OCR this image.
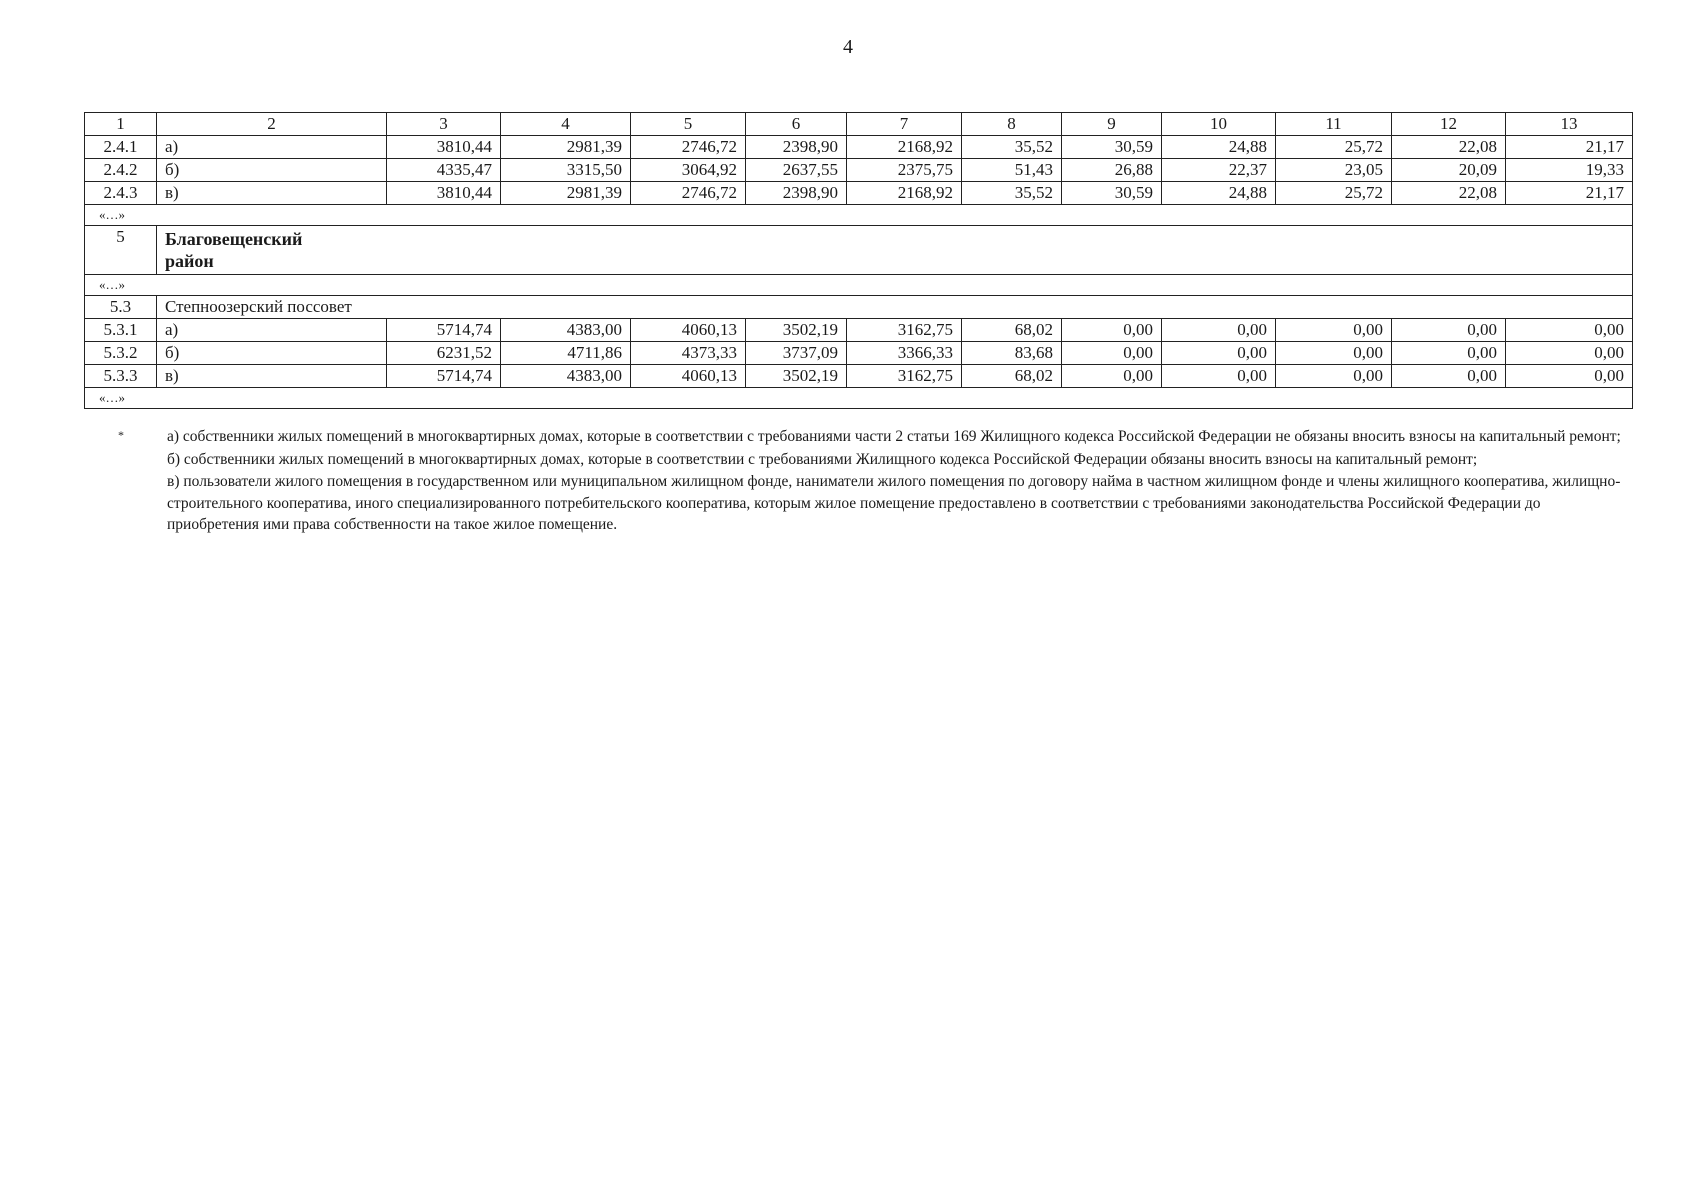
4
1	2	3	4	5	6	7	8	9	10	11	12	13
2.4.1	а)	3810,44	2981,39	2746,72	2398,90	2168,92	35,52	30,59	24,88	25,72	22,08	21,17
2.4.2	б)	4335,47	3315,50	3064,92	2637,55	2375,75	51,43	26,88	22,37	23,05	20,09	19,33
2.4.3	в)	3810,44	2981,39	2746,72	2398,90	2168,92	35,52	30,59	24,88	25,72	22,08	21,17
«…»												
5	Благовещенский район											
«…»												
5.3	Степноозерский поссовет											
5.3.1	а)	5714,74	4383,00	4060,13	3502,19	3162,75	68,02	0,00	0,00	0,00	0,00	0,00
5.3.2	б)	6231,52	4711,86	4373,33	3737,09	3366,33	83,68	0,00	0,00	0,00	0,00	0,00
5.3.3	в)	5714,74	4383,00	4060,13	3502,19	3162,75	68,02	0,00	0,00	0,00	0,00	0,00
«…»												
*	а) собственники жилых помещений в многоквартирных домах, которые в соответствии с требованиями части 2 статьи 169 Жилищного кодекса Российской Федерации не обязаны вносить взносы на капитальный ремонт;

б) собственники жилых помещений в многоквартирных домах, которые в соответствии с требованиями Жилищного кодекса Российской Федерации обязаны вносить взносы на капитальный ремонт;

в) пользователи жилого помещения в государственном или муниципальном жилищном фонде, наниматели жилого помещения по договору найма в частном жилищном фонде и члены жилищного кооператива, жилищно-строительного кооператива, иного специализированного потребительского кооператива, которым жилое помещение предоставлено в соответствии с требованиями законодательства Российской Федерации до приобретения ими права собственности на такое жилое помещение.
